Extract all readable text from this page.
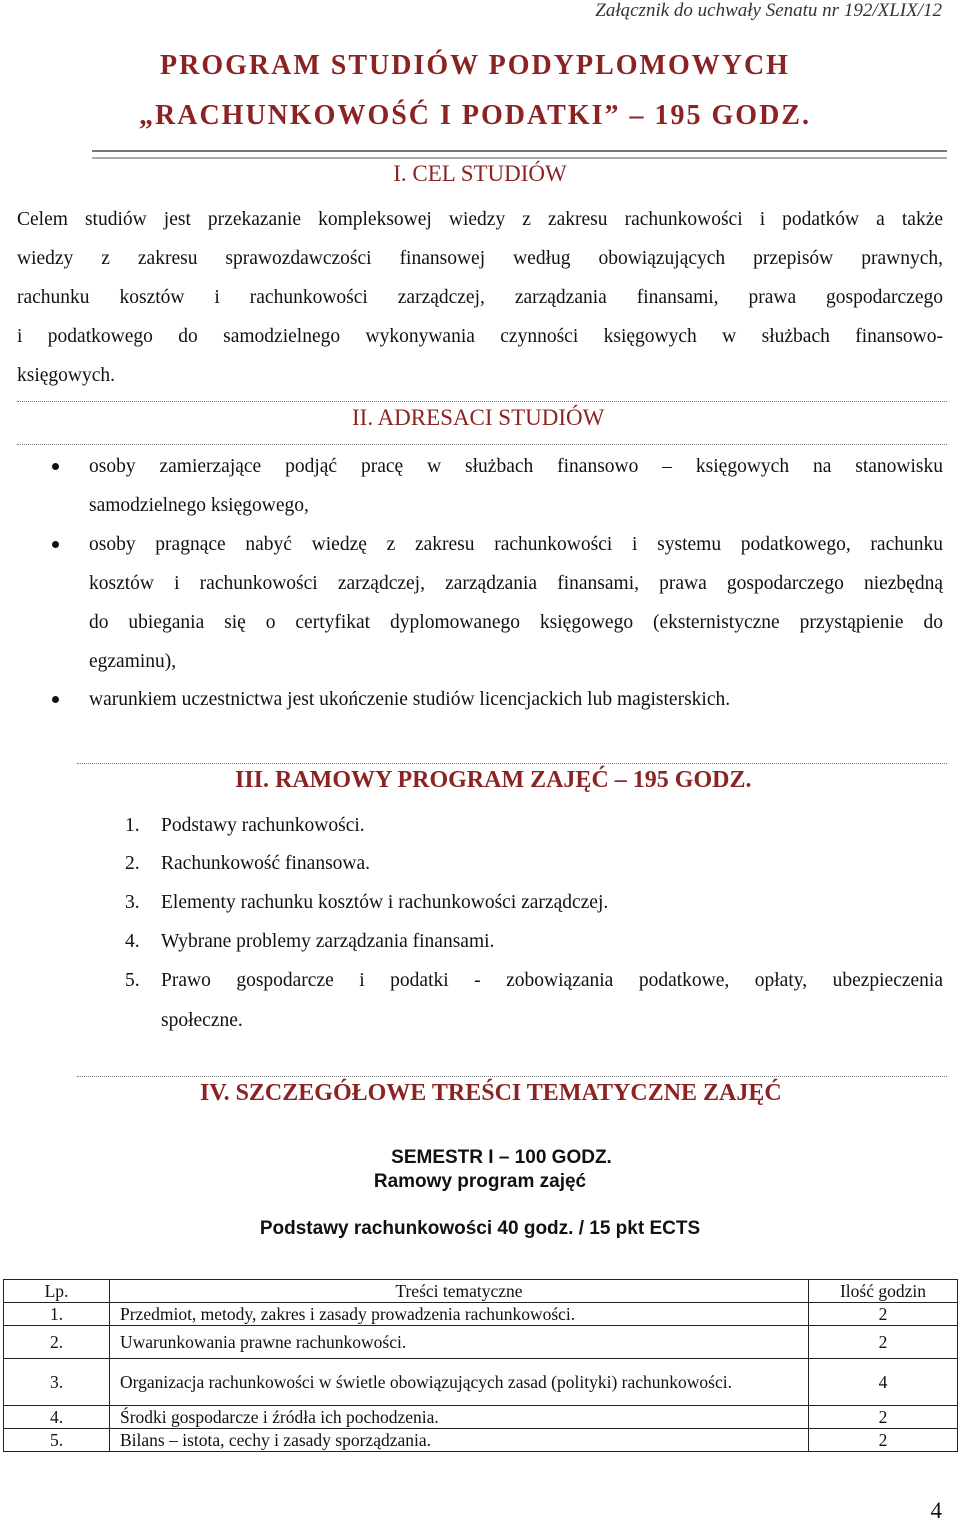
Załącznik do uchwały Senatu nr 192/XLIX/12
PROGRAM STUDIÓW PODYPLOMOWYCH
„RACHUNKOWOŚĆ I PODATKI” – 195 GODZ.
I. CEL STUDIÓW
Celem studiów jest przekazanie kompleksowej wiedzy z zakresu rachunkowości i podatków a także
wiedzy z zakresu sprawozdawczości finansowej według obowiązujących przepisów prawnych,
rachunku kosztów i rachunkowości zarządczej, zarządzania finansami, prawa gospodarczego
i podatkowego do samodzielnego wykonywania czynności księgowych w służbach finansowo-
księgowych.
II. ADRESACI STUDIÓW
osoby zamierzające podjąć pracę w służbach finansowo – księgowych na stanowisku
samodzielnego księgowego,
osoby pragnące nabyć wiedzę z zakresu rachunkowości i systemu podatkowego, rachunku
kosztów i rachunkowości zarządczej, zarządzania finansami, prawa gospodarczego niezbędną
do ubiegania się o certyfikat dyplomowanego księgowego (eksternistyczne przystąpienie do
egzaminu),
warunkiem uczestnictwa jest ukończenie studiów licencjackich lub magisterskich.
III. RAMOWY PROGRAM ZAJĘĆ – 195 GODZ.
1. Podstawy rachunkowości.
2. Rachunkowość finansowa.
3. Elementy rachunku kosztów i rachunkowości zarządczej.
4. Wybrane problemy zarządzania finansami.
5. Prawo gospodarcze i podatki - zobowiązania podatkowe, opłaty, ubezpieczenia
społeczne.
IV. SZCZEGÓŁOWE TREŚCI TEMATYCZNE ZAJĘĆ
SEMESTR I – 100 GODZ.
Ramowy program zajęć
Podstawy rachunkowości 40 godz. / 15 pkt ECTS
Lp.	Treści tematyczne	Ilość godzin
1.	Przedmiot, metody, zakres i zasady prowadzenia rachunkowości.	2
2.	Uwarunkowania prawne rachunkowości.	2
3.	Organizacja rachunkowości w świetle obowiązujących zasad (polityki) rachunkowości.	4
4.	Środki gospodarcze i źródła ich pochodzenia.	2
5.	Bilans – istota, cechy i zasady sporządzania.	2
4
